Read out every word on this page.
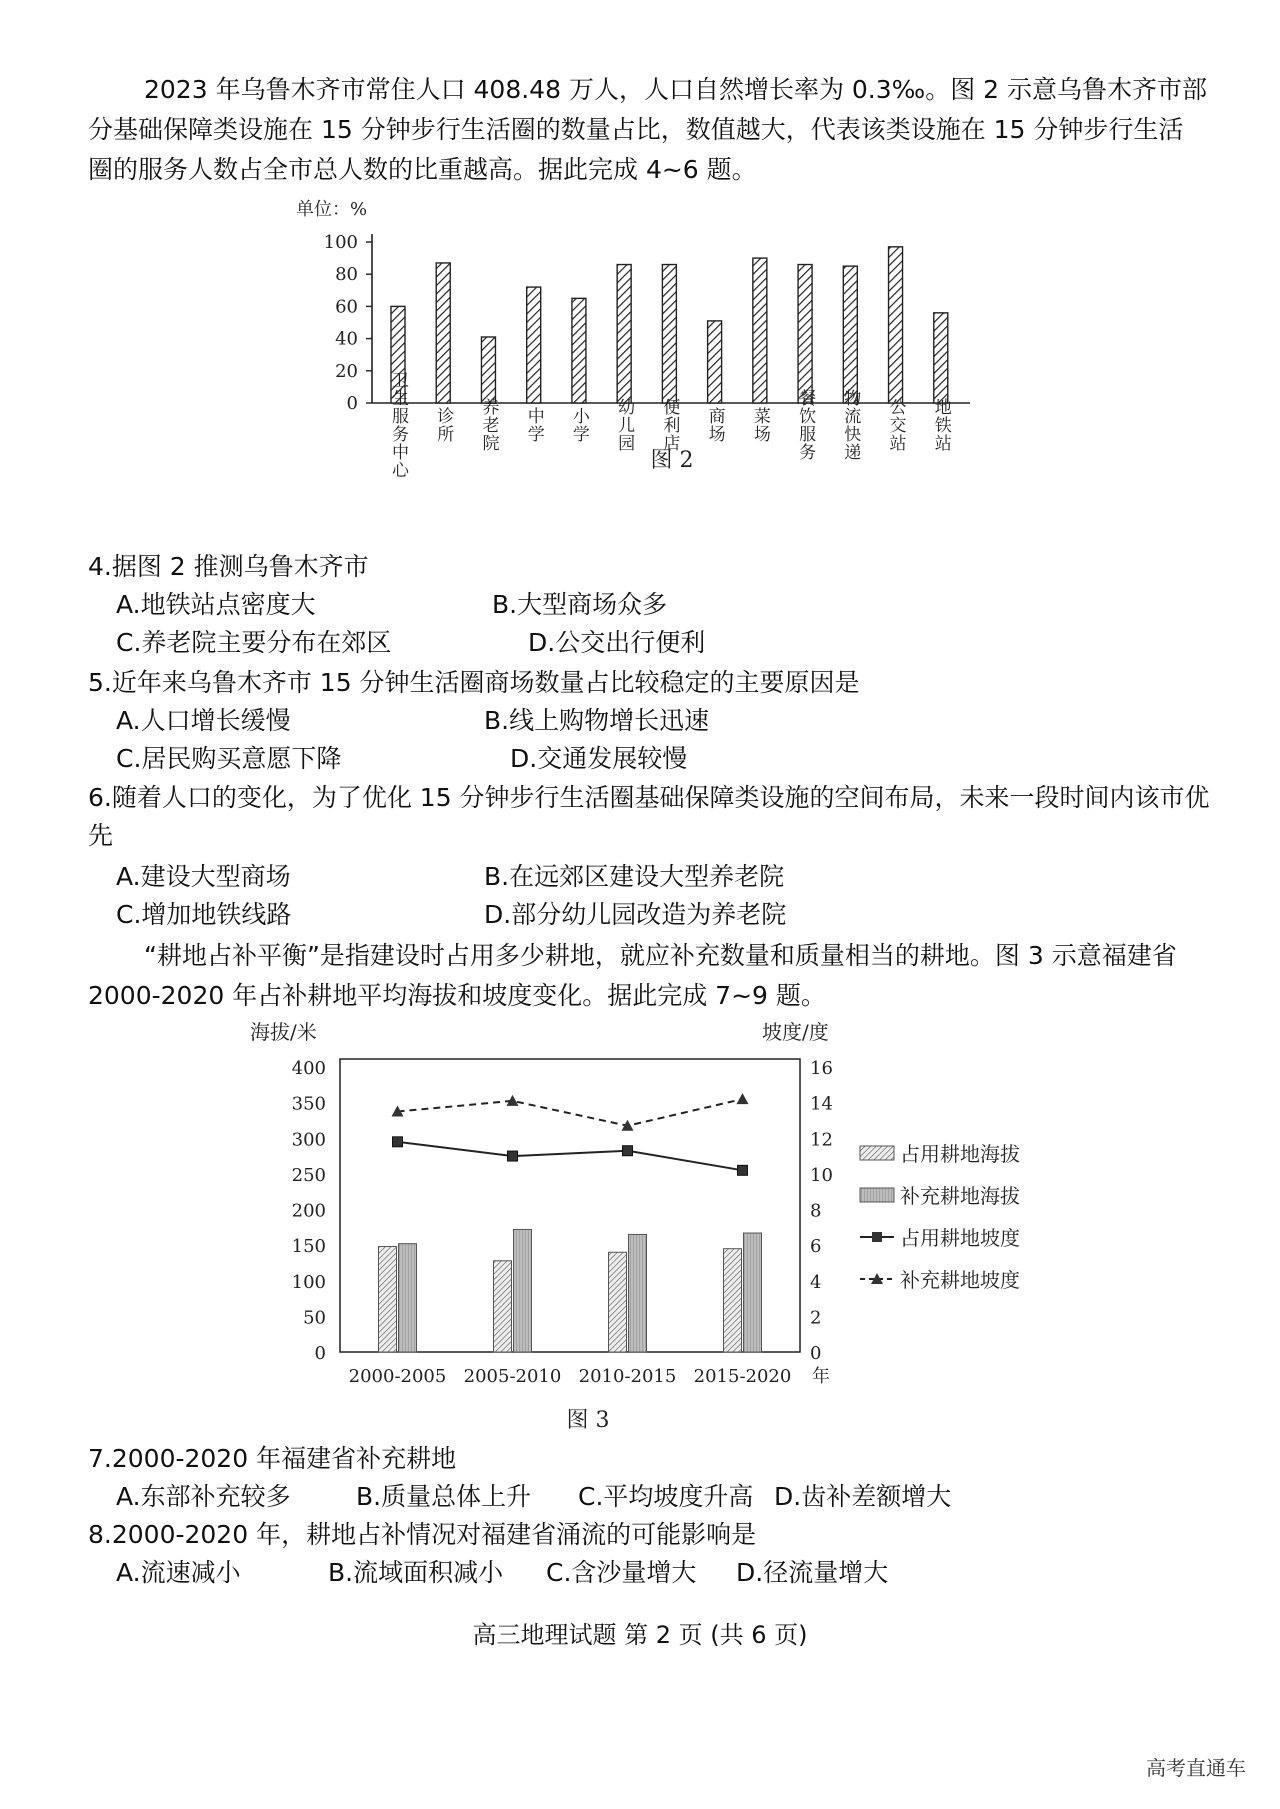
2023 年乌鲁木齐市常住人口 408.48 万人，人口自然增长率为 0.3‰。图 2 示意乌鲁木齐市部分基础保障类设施在 15 分钟步行生活圈的数量占比，数值越大，代表该类设施在 15 分钟步行生活圈的服务人数占全市总人数的比重越高。据此完成 4~6 题。

单位：%
0
20
40
60
80
100
卫生服务中心 诊所 养老院 中学 小学 幼儿园 便利店 商场 菜场 餐饮服务 物流快递 公交站 地铁站
图 2
4.据图 2 推测乌鲁木齐市
A.地铁站点密度大	B.大型商场众多
C.养老院主要分布在郊区	D.公交出行便利
5.近年来乌鲁木齐市 15 分钟生活圈商场数量占比较稳定的主要原因是
A.人口增长缓慢	B.线上购物增长迅速
C.居民购买意愿下降	D.交通发展较慢
6.随着人口的变化，为了优化 15 分钟步行生活圈基础保障类设施的空间布局，未来一段时间内该市优先
A.建设大型商场	B.在远郊区建设大型养老院
C.增加地铁线路	D.部分幼儿园改造为养老院

“耕地占补平衡”是指建设时占用多少耕地，就应补充数量和质量相当的耕地。图 3 示意福建省 2000-2020 年占补耕地平均海拔和坡度变化。据此完成 7~9 题。

海拔/米	坡度/度
0
50
100
150
200
250
300
350
400
0
2
4
6
8
10
12
14
16
2000-2005 2005-2010 2010-2015 2015-2020 年
占用耕地海拔
补充耕地海拔
占用耕地坡度
补充耕地坡度
图 3
7.2000-2020 年福建省补充耕地
A.东部补充较多	B.质量总体上升 C.平均坡度升高 D.齿补差额增大
8.2000-2020 年，耕地占补情况对福建省涌流的可能影响是
A.流速减小	B.流域面积减小 C.含沙量增大 D.径流量增大
高三地理试题 第 2 页 (共 6 页)
高考直通车
